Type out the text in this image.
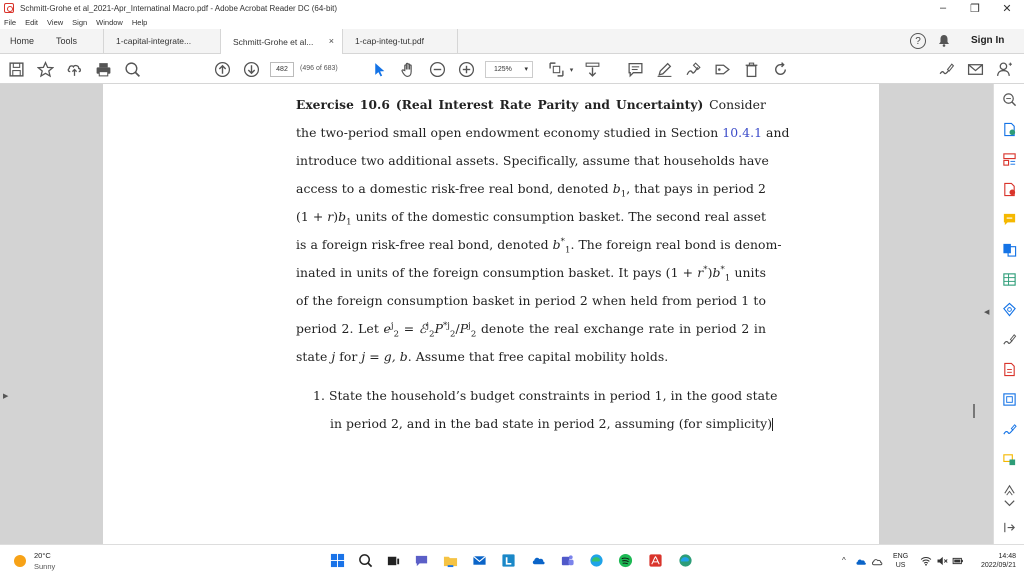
Schmitt-Grohe et al_2021-Apr_Internatinal Macro.pdf - Adobe Acrobat Reader DC (64-bit)	–	❐	✕
File Edit View Sign Window Help
Home Tools	1-capital-integrate...	Schmitt-Grohe et al... × 1-cap-integ-tut.pdf	?	Sign In
482	(496 of 683)	125% ▾	▾
▶
Exercise 10.6 (Real Interest Rate Parity and Uncertainty) Consider
the two-period small open endowment economy studied in Section 10.4.1 and
introduce two additional assets. Specifically, assume that households have
access to a domestic risk-free real bond, denoted $b_1$, that pays in period 2
$(1 + r)b_1$ units of the domestic consumption basket. The second real asset
is a foreign risk-free real bond, denoted $b^*_1$. The foreign real bond is denom-
inated in units of the foreign consumption basket. It pays $(1 + r^*)b^*_1$ units
of the foreign consumption basket in period 2 when held from period 1 to
period 2. Let $e^j_2$ = $ℰ^j_2P^{*j}_2/P^j_2$ denote the real exchange rate in period 2 in
state j for j = g, b. Assume that free capital mobility holds.
1. State the household’s budget constraints in period 1, in the good state
in period 2, and in the bad state in period 2, assuming (for simplicity)
◀
20°C
Sunny
^	ENG
US
14:48
2022/09/21
